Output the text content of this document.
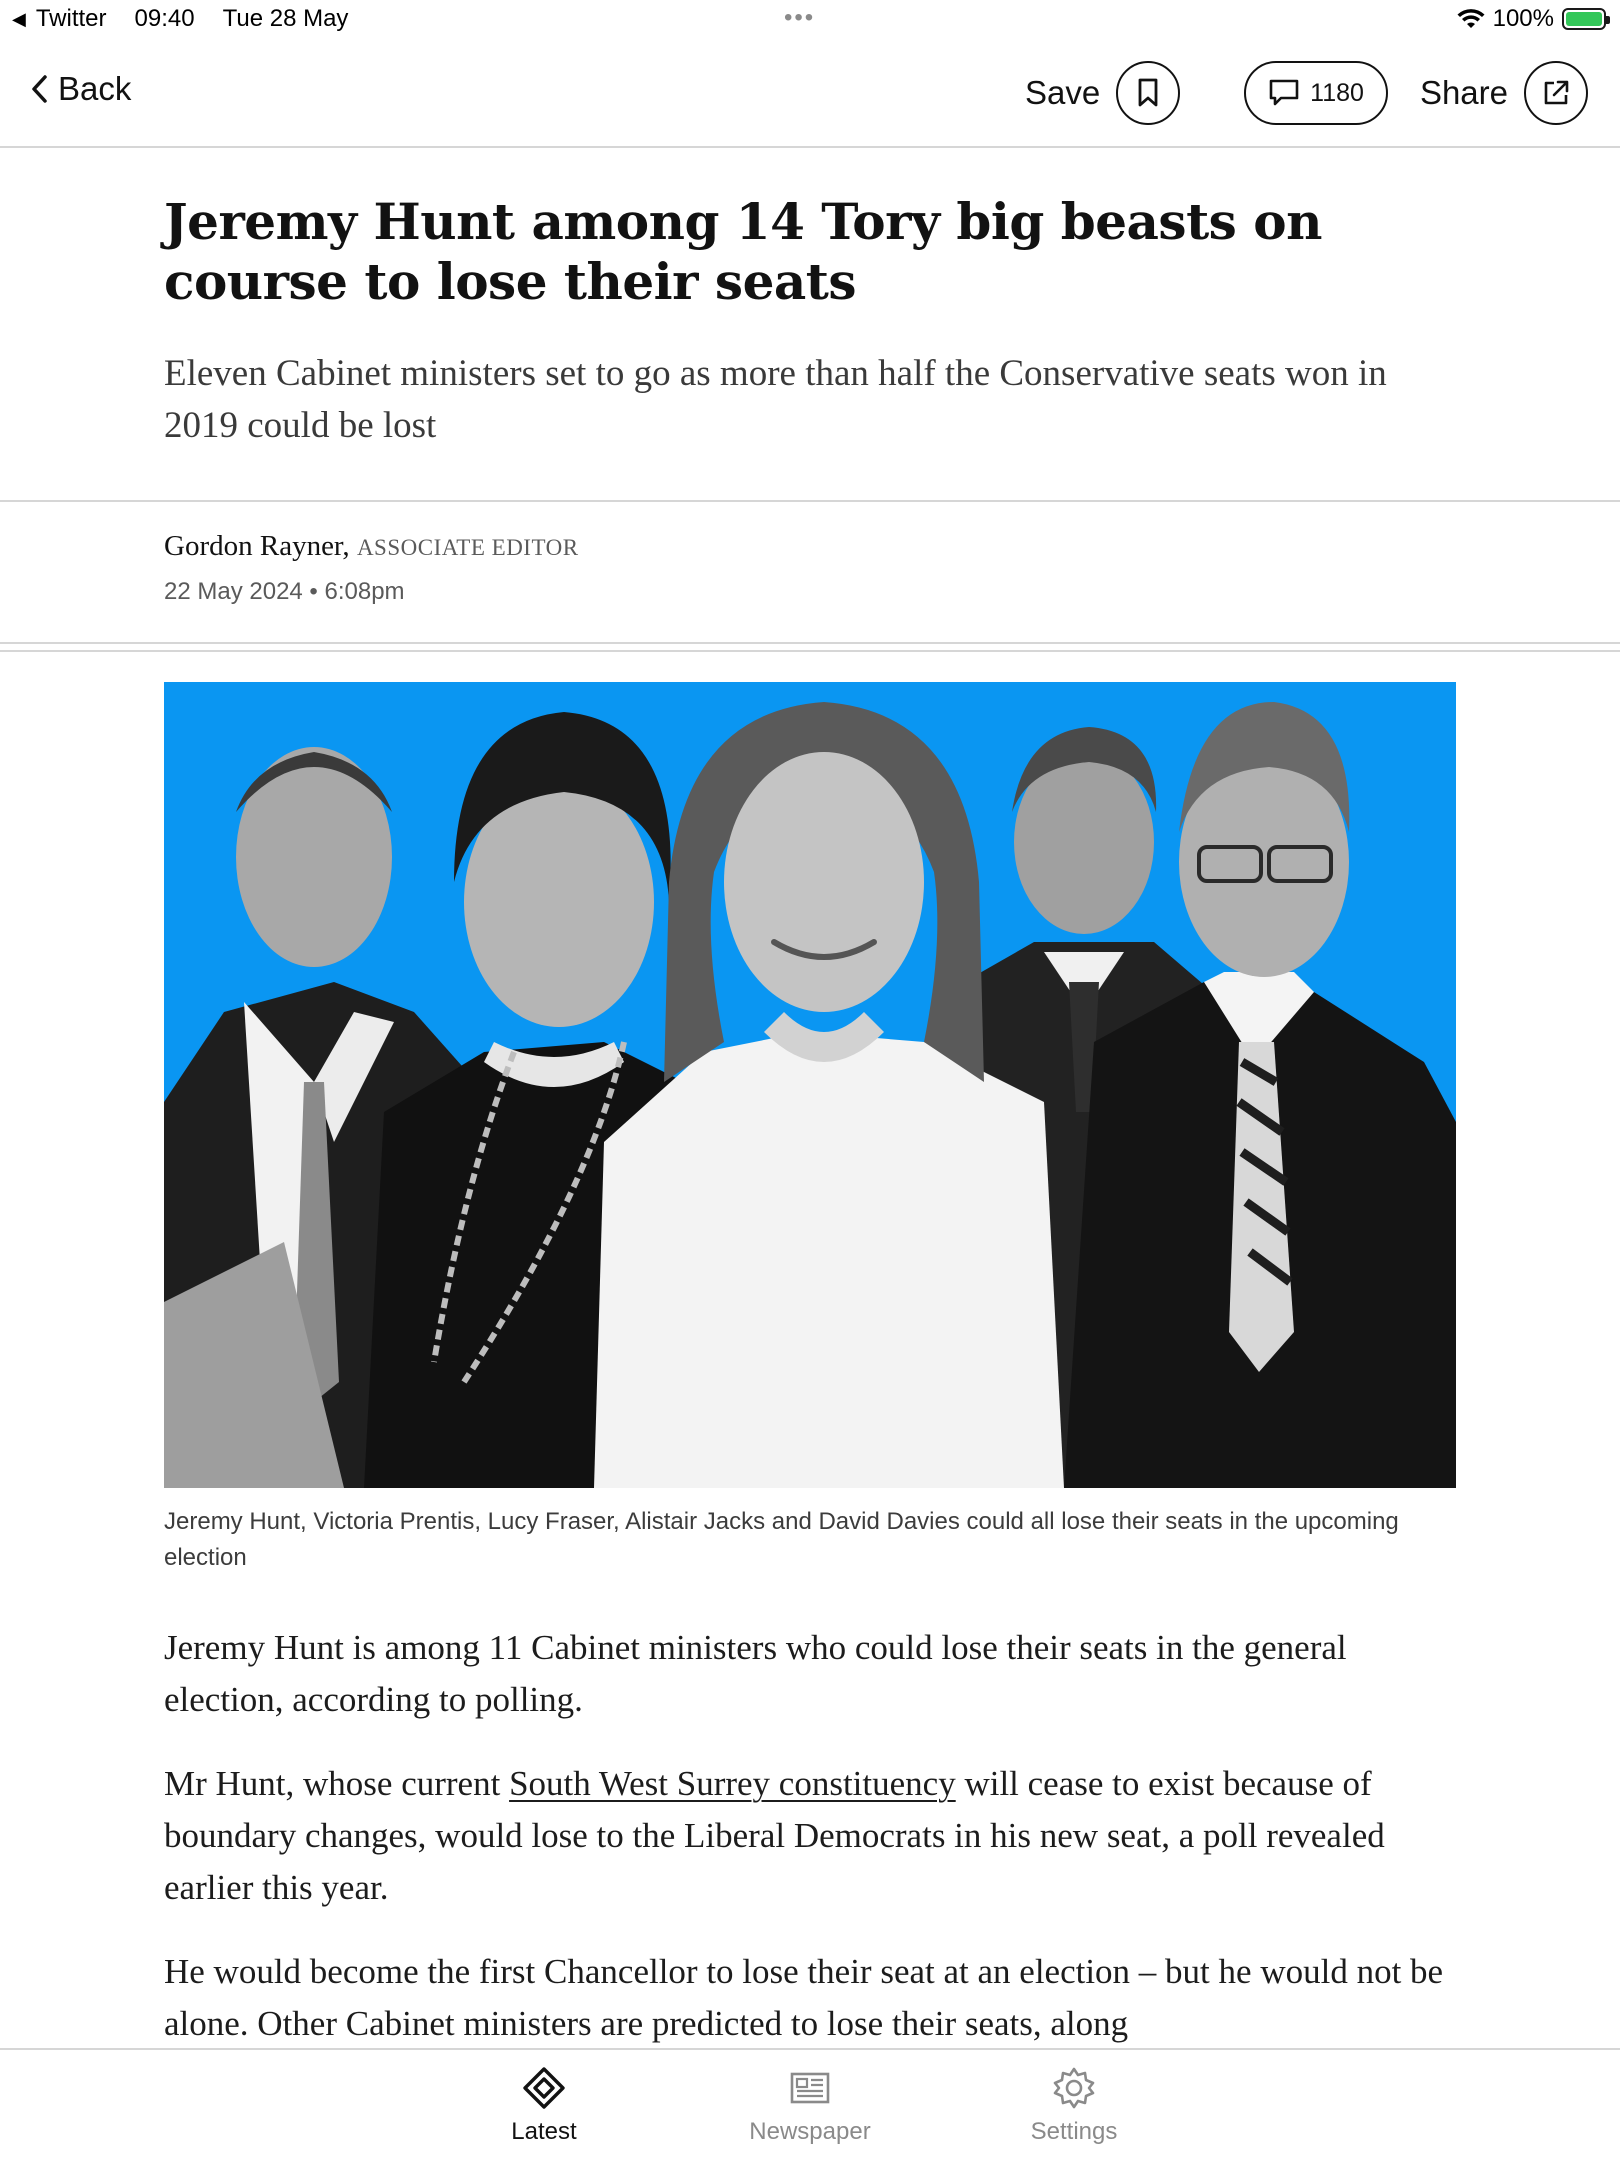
◀ Twitter 09:40 Tue 28 May	•••	100%
Back	Save	1180 Share
Jeremy Hunt among 14 Tory big beasts on course to lose their seats

Eleven Cabinet ministers set to go as more than half the Conservative seats won in 2019 could be lost

Gordon Rayner, ASSOCIATE EDITOR
22 May 2024 • 6:08pm

Jeremy Hunt, Victoria Prentis, Lucy Fraser, Alistair Jacks and David Davies could all lose their seats in the upcoming election

Jeremy Hunt is among 11 Cabinet ministers who could lose their seats in the general election, according to polling.

Mr Hunt, whose current South West Surrey constituency will cease to exist because of boundary changes, would lose to the Liberal Democrats in his new seat, a poll revealed earlier this year.

He would become the first Chancellor to lose their seat at an election – but he would not be alone. Other Cabinet ministers are predicted to lose their seats, along

Latest	Newspaper	Settings
